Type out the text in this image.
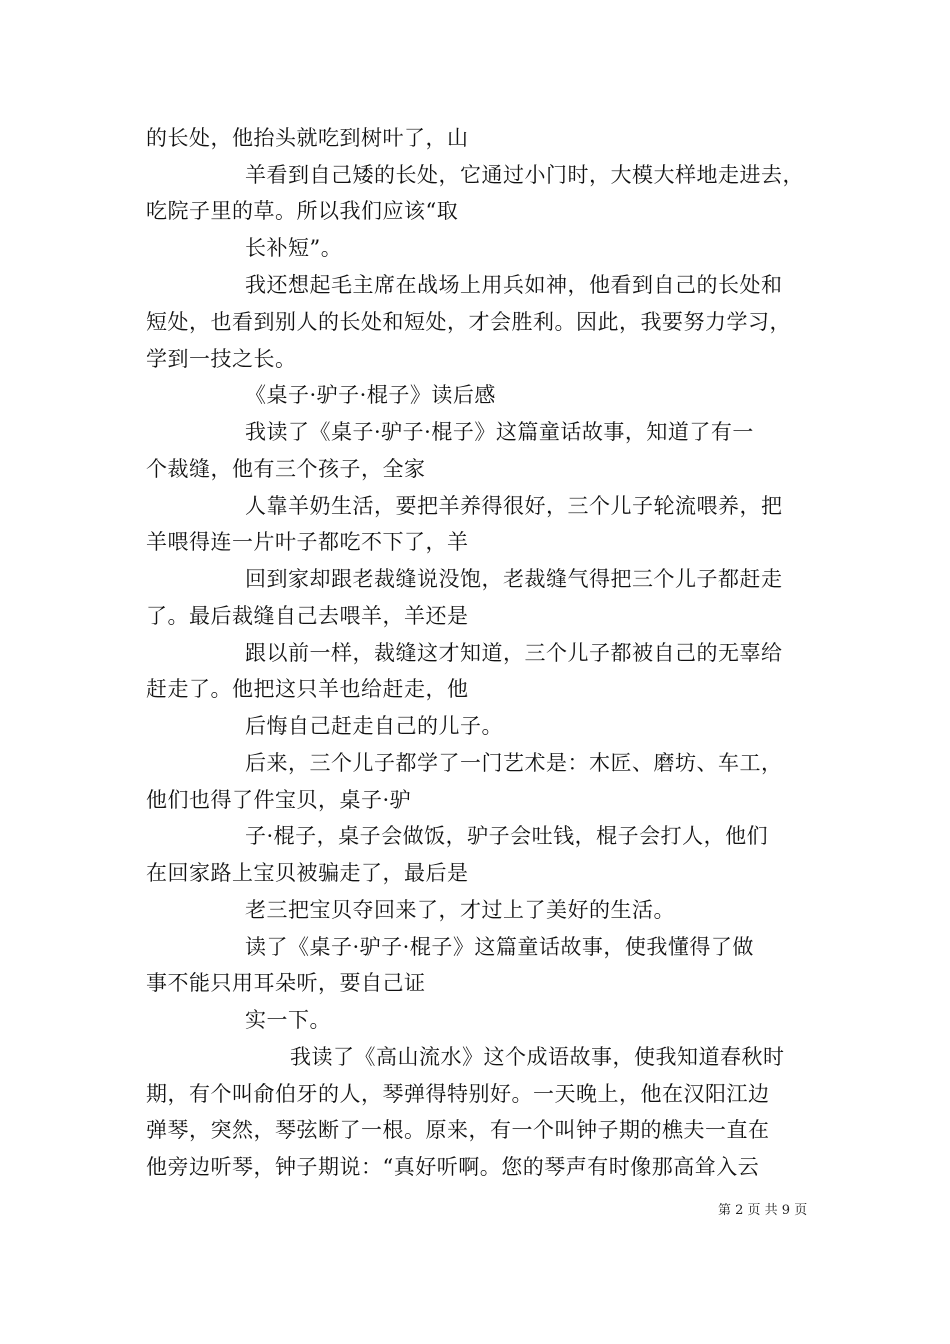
的长处，他抬头就吃到树叶了，山
羊看到自己矮的长处，它通过小门时，大模大样地走进去，
吃院子里的草。所以我们应该“取
长补短”。
我还想起毛主席在战场上用兵如神，他看到自己的长处和
短处，也看到别人的长处和短处，才会胜利。因此，我要努力学习，
学到一技之长。
《桌子·驴子·棍子》读后感
我读了《桌子·驴子·棍子》这篇童话故事，知道了有一
个裁缝，他有三个孩子，全家
人靠羊奶生活，要把羊养得很好，三个儿子轮流喂养，把
羊喂得连一片叶子都吃不下了，羊
回到家却跟老裁缝说没饱，老裁缝气得把三个儿子都赶走
了。最后裁缝自己去喂羊，羊还是
跟以前一样，裁缝这才知道，三个儿子都被自己的无辜给
赶走了。他把这只羊也给赶走，他
后悔自己赶走自己的儿子。
后来，三个儿子都学了一门艺术是：木匠、磨坊、车工，
他们也得了件宝贝，桌子·驴
子·棍子，桌子会做饭，驴子会吐钱，棍子会打人，他们
在回家路上宝贝被骗走了，最后是
老三把宝贝夺回来了，才过上了美好的生活。
读了《桌子·驴子·棍子》这篇童话故事，使我懂得了做
事不能只用耳朵听，要自己证
实一下。
我读了《高山流水》这个成语故事，使我知道春秋时
期，有个叫俞伯牙的人，琴弹得特别好。一天晚上，他在汉阳江边
弹琴，突然，琴弦断了一根。原来，有一个叫钟子期的樵夫一直在
他旁边听琴，钟子期说：“真好听啊。您的琴声有时像那高耸入云
第 2 页 共 9 页
